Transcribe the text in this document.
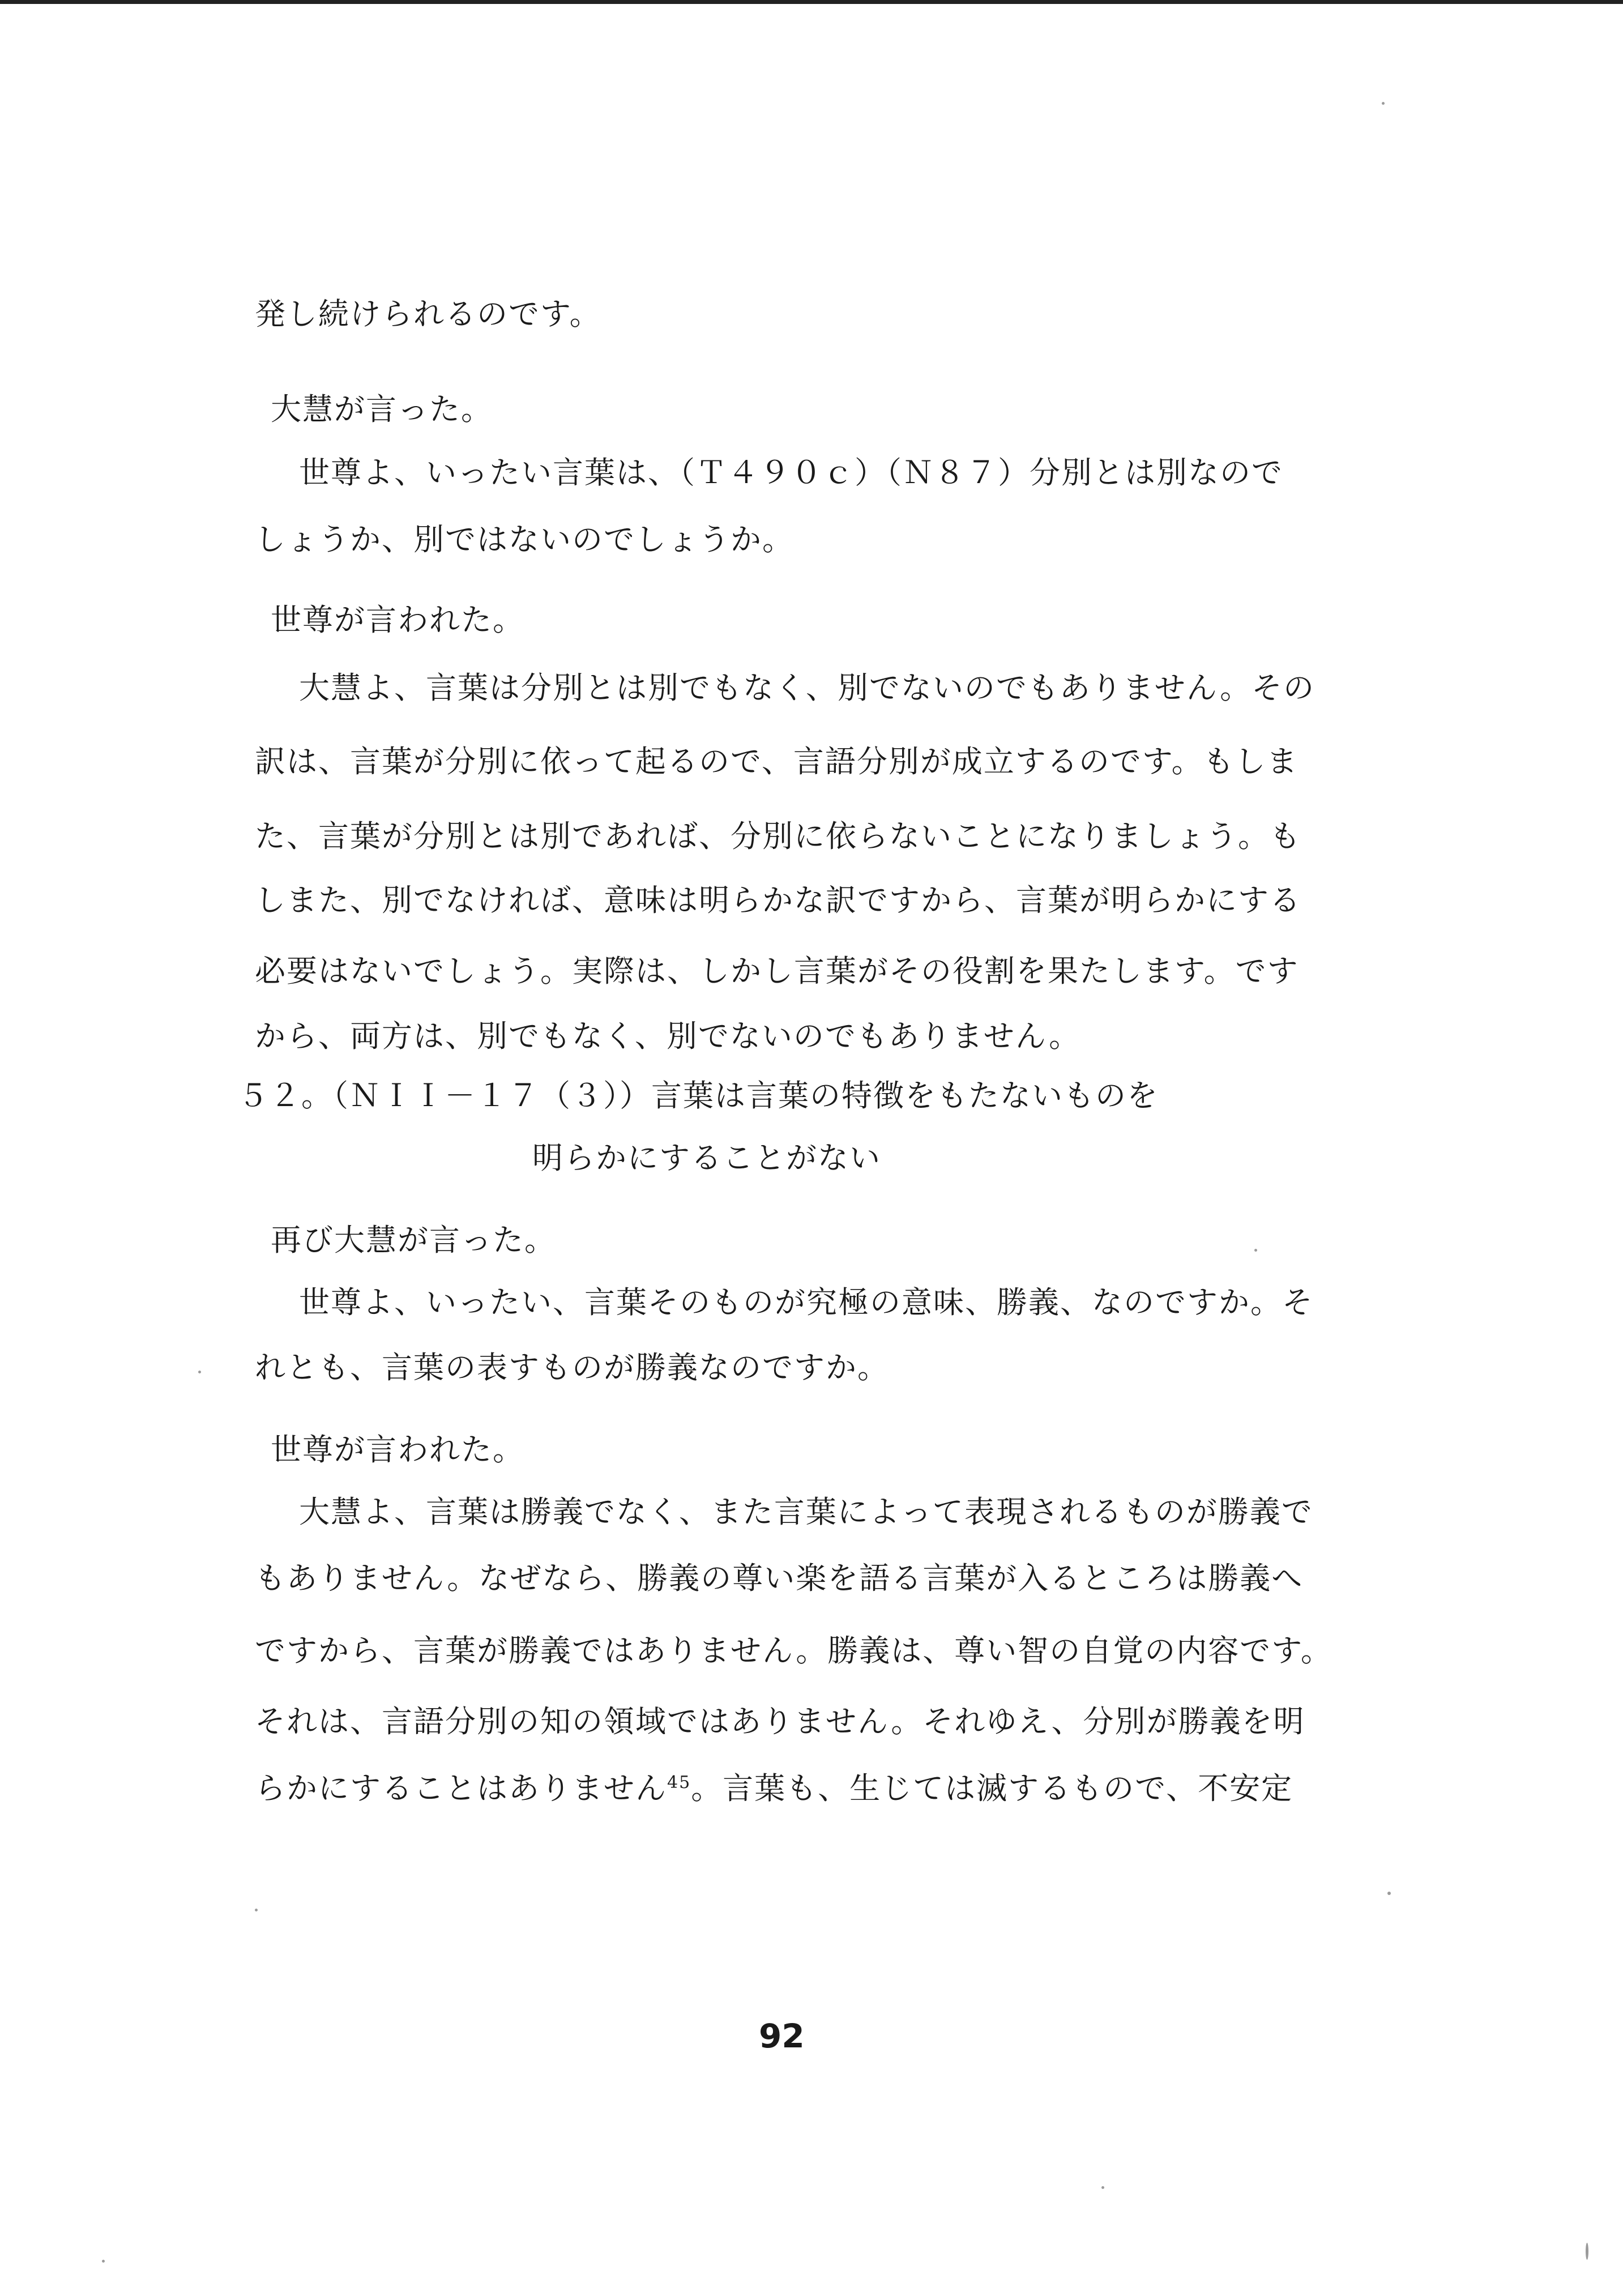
発し続けられるのです。
大慧が言った。
世尊よ、いったい言葉は、（Ｔ４９０ｃ）（Ｎ８７）分別とは別なので
しょうか、別ではないのでしょうか。
世尊が言われた。
大慧よ、言葉は分別とは別でもなく、別でないのでもありません。その
訳は、言葉が分別に依って起るので、言語分別が成立するのです。もしま
た、言葉が分別とは別であれば、分別に依らないことになりましょう。も
しまた、別でなければ、意味は明らかな訳ですから、言葉が明らかにする
必要はないでしょう。実際は、しかし言葉がその役割を果たします。です
から、両方は、別でもなく、別でないのでもありません。
５２。（ＮＩＩ－１７（３））言葉は言葉の特徴をもたないものを
明らかにすることがない
再び大慧が言った。
世尊よ、いったい、言葉そのものが究極の意味、勝義、なのですか。そ
れとも、言葉の表すものが勝義なのですか。
世尊が言われた。
大慧よ、言葉は勝義でなく、また言葉によって表現されるものが勝義で
もありません。なぜなら、勝義の尊い楽を語る言葉が入るところは勝義へ
ですから、言葉が勝義ではありません。勝義は、尊い智の自覚の内容です。
それは、言語分別の知の領域ではありません。それゆえ、分別が勝義を明
らかにすることはありません$^{45}$。言葉も、生じては滅するもので、不安定
92
